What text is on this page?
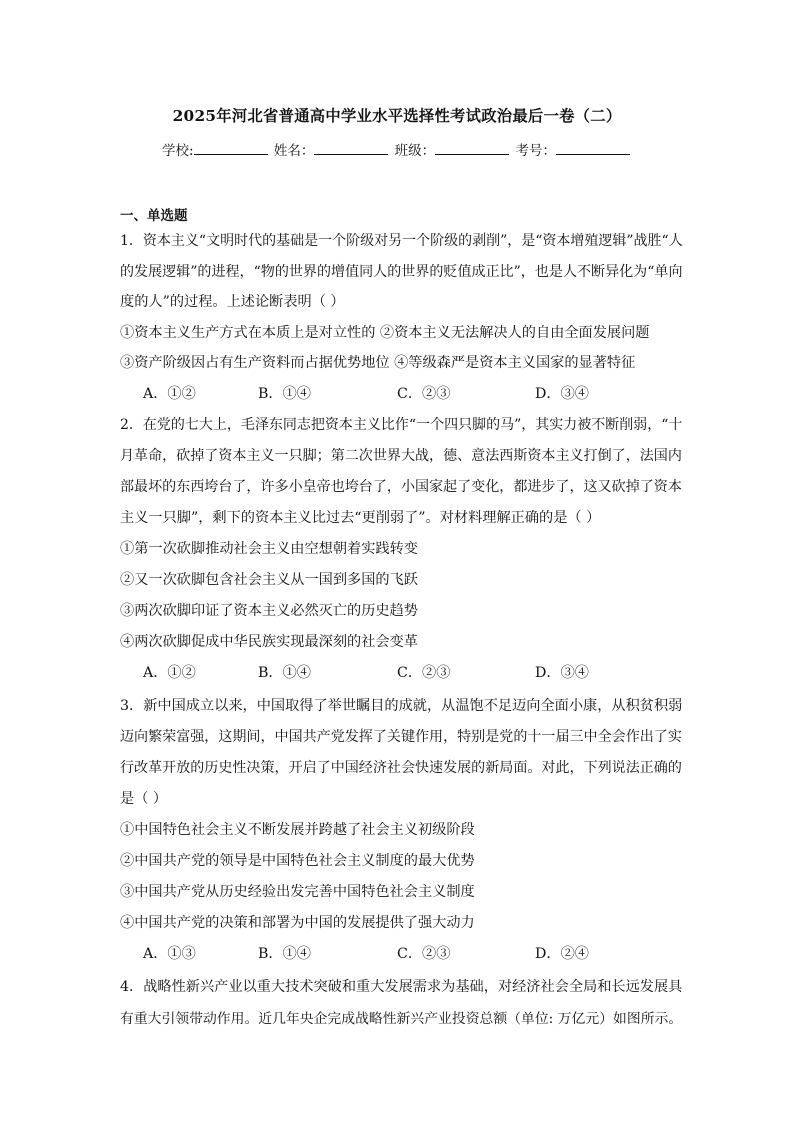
2025年河北省普通高中学业水平选择性考试政治最后一卷（二）
学校:	姓名：	班级：	考号：
一、单选题
1．资本主义“文明时代的基础是一个阶级对另一个阶级的剥削”，是“资本增殖逻辑”战胜“人
的发展逻辑”的进程，“物的世界的增值同人的世界的贬值成正比”，也是人不断异化为“单向
度的人”的过程。上述论断表明（ ）
①资本主义生产方式在本质上是对立性的 ②资本主义无法解决人的自由全面发展问题
③资产阶级因占有生产资料而占据优势地位 ④等级森严是资本主义国家的显著特征
A．①②	B．①④	C．②③	D．③④
2．在党的七大上，毛泽东同志把资本主义比作“一个四只脚的马”，其实力被不断削弱，“十
月革命，砍掉了资本主义一只脚；第二次世界大战，德、意法西斯资本主义打倒了，法国内
部最坏的东西垮台了，许多小皇帝也垮台了，小国家起了变化，都进步了，这又砍掉了资本
主义一只脚”，剩下的资本主义比过去“更削弱了”。对材料理解正确的是（ ）
①第一次砍脚推动社会主义由空想朝着实践转变
②又一次砍脚包含社会主义从一国到多国的飞跃
③两次砍脚印证了资本主义必然灭亡的历史趋势
④两次砍脚促成中华民族实现最深刻的社会变革
A．①②	B．①④	C．②③	D．③④
3．新中国成立以来，中国取得了举世瞩目的成就，从温饱不足迈向全面小康，从积贫积弱
迈向繁荣富强，这期间，中国共产党发挥了关键作用，特别是党的十一届三中全会作出了实
行改革开放的历史性决策，开启了中国经济社会快速发展的新局面。对此，下列说法正确的
是（ ）
①中国特色社会主义不断发展并跨越了社会主义初级阶段
②中国共产党的领导是中国特色社会主义制度的最大优势
③中国共产党从历史经验出发完善中国特色社会主义制度
④中国共产党的决策和部署为中国的发展提供了强大动力
A．①③	B．①④	C．②③	D．②④
4．战略性新兴产业以重大技术突破和重大发展需求为基础，对经济社会全局和长远发展具
有重大引领带动作用。近几年央企完成战略性新兴产业投资总额（单位: 万亿元）如图所示。
